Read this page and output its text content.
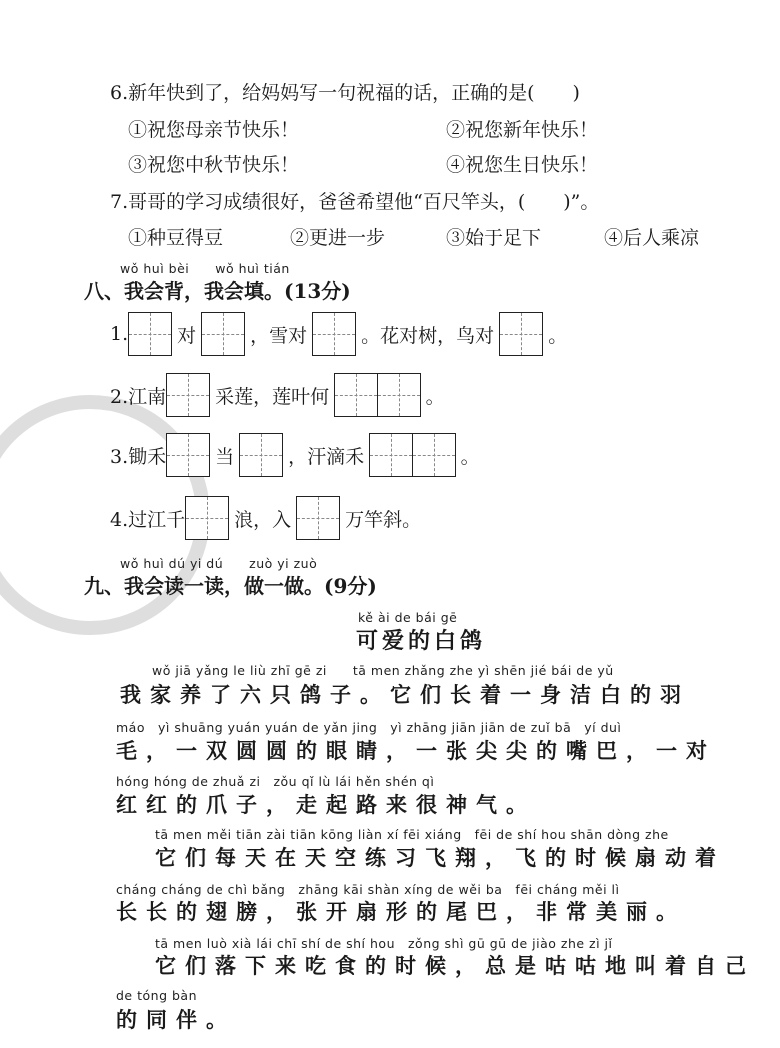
6.新年快到了，给妈妈写一句祝福的话，正确的是(　　)
①祝您母亲节快乐！	②祝您新年快乐！
③祝您中秋节快乐！	④祝您生日快乐！
7.哥哥的学习成绩很好，爸爸希望他“百尺竿头，(　　)”。
①种豆得豆	②更进一步	③始于足下	④后人乘凉
wǒ huì bèi　　wǒ huì tián
八、我会背，我会填。(13分)
1.	对	，雪对	。花对树，鸟对	。
2.江南	采莲，莲叶何	。
3.锄禾	当	，汗滴禾	。
4.过江千	浪，入	万竿斜。
wǒ huì dú yi dú　　zuò yi zuò
九、我会读一读，做一做。(9分)
kě ài de bái gē
可爱的白鸽
wǒ jiā yǎng le liù zhī gē zi　　tā men zhǎng zhe yì shēn jié bái de yǔ
我家养了六只鸽子。它们长着一身洁白的羽
máo　yì shuāng yuán yuán de yǎn jing　yì zhāng jiān jiān de zuǐ bā　yí duì
毛，一双圆圆的眼睛，一张尖尖的嘴巴，一对
hóng hóng de zhuǎ zi　zǒu qǐ lù lái hěn shén qì
红红的爪子，走起路来很神气。
tā men měi tiān zài tiān kōng liàn xí fēi xiáng　fēi de shí hou shān dòng zhe
它们每天在天空练习飞翔，飞的时候扇动着
cháng cháng de chì bǎng　zhāng kāi shàn xíng de wěi ba　fēi cháng měi lì
长长的翅膀，张开扇形的尾巴，非常美丽。
tā men luò xià lái chī shí de shí hou　zǒng shì gū gū de jiào zhe zì jǐ
它们落下来吃食的时候，总是咕咕地叫着自己
de tóng bàn
的同伴。
